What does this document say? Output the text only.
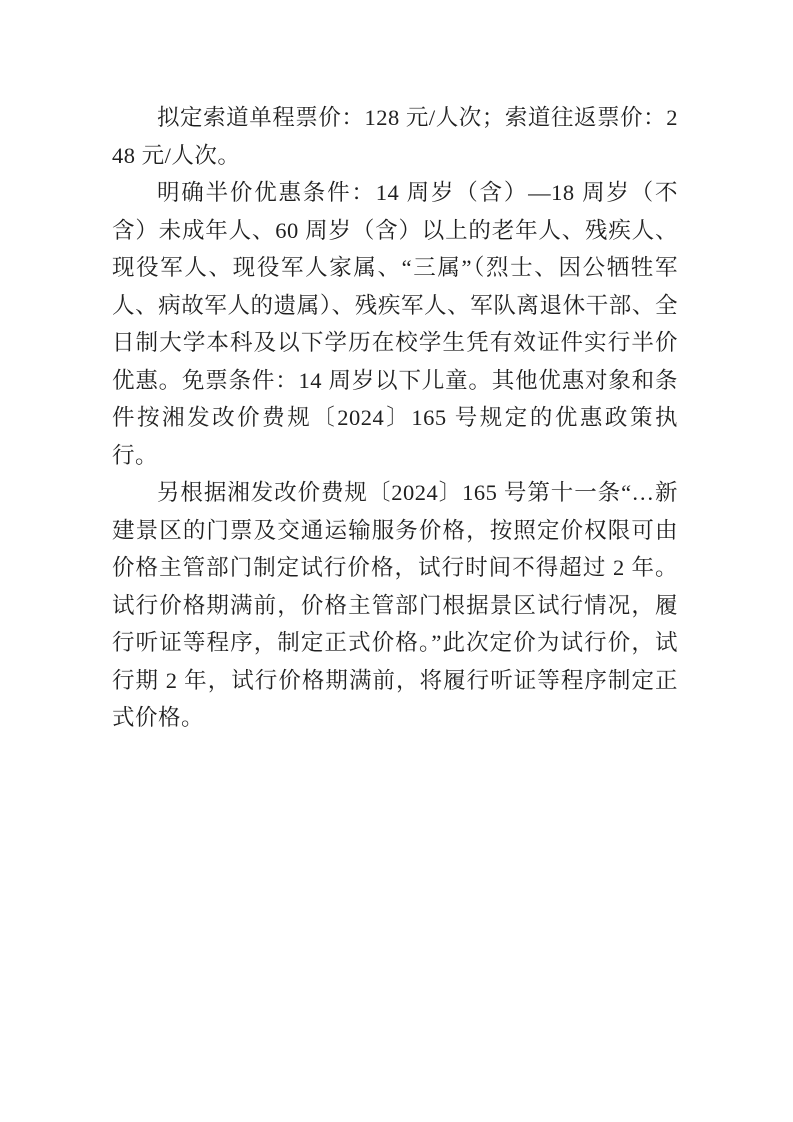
拟定索道单程票价：128 元/人次；索道往返票价：248 元/人次。

明确半价优惠条件：14 周岁（含）—18 周岁（不含）未成年人、60 周岁（含）以上的老年人、残疾人、现役军人、现役军人家属、“三属”（烈士、因公牺牲军人、病故军人的遗属）、残疾军人、军队离退休干部、全日制大学本科及以下学历在校学生凭有效证件实行半价优惠。免票条件：14 周岁以下儿童。其他优惠对象和条件按湘发改价费规〔2024〕165 号规定的优惠政策执行。

另根据湘发改价费规〔2024〕165 号第十一条“…新建景区的门票及交通运输服务价格，按照定价权限可由价格主管部门制定试行价格，试行时间不得超过 2 年。试行价格期满前，价格主管部门根据景区试行情况，履行听证等程序，制定正式价格。”此次定价为试行价，试行期 2 年，试行价格期满前，将履行听证等程序制定正式价格。
